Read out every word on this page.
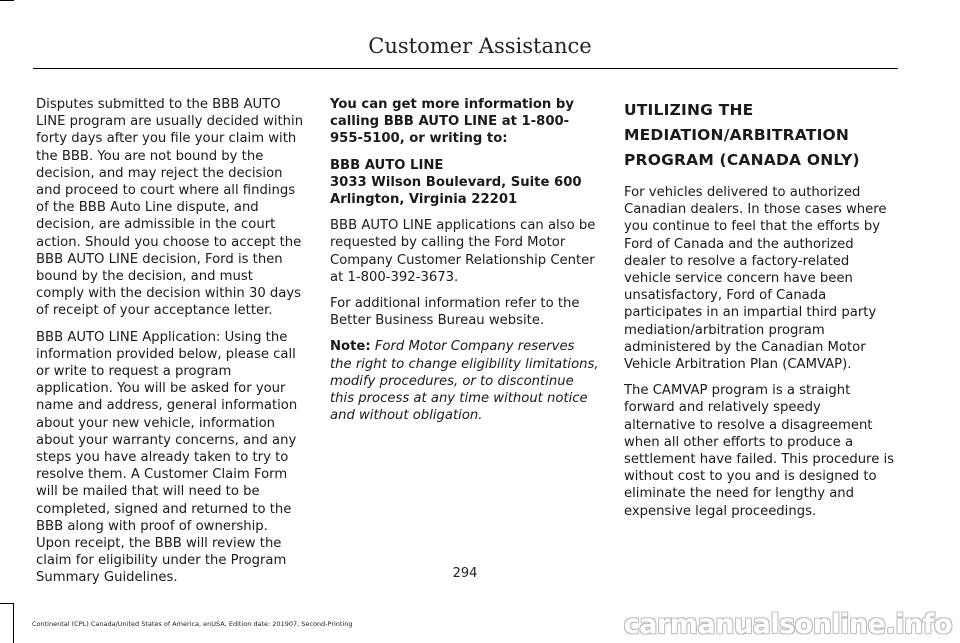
Customer Assistance

Disputes submitted to the BBB AUTO LINE program are usually decided within forty days after you file your claim with the BBB. You are not bound by the decision, and may reject the decision and proceed to court where all findings of the BBB Auto Line dispute, and decision, are admissible in the court action. Should you choose to accept the BBB AUTO LINE decision, Ford is then bound by the decision, and must comply with the decision within 30 days of receipt of your acceptance letter.

BBB AUTO LINE Application: Using the information provided below, please call or write to request a program application. You will be asked for your name and address, general information about your new vehicle, information about your warranty concerns, and any steps you have already taken to try to resolve them. A Customer Claim Form will be mailed that will need to be completed, signed and returned to the BBB along with proof of ownership. Upon receipt, the BBB will review the claim for eligibility under the Program Summary Guidelines.

You can get more information by calling BBB AUTO LINE at 1-800-955-5100, or writing to:

BBB AUTO LINE
3033 Wilson Boulevard, Suite 600
Arlington, Virginia 22201

BBB AUTO LINE applications can also be requested by calling the Ford Motor Company Customer Relationship Center at 1-800-392-3673.

For additional information refer to the Better Business Bureau website.

Note: Ford Motor Company reserves the right to change eligibility limitations, modify procedures, or to discontinue this process at any time without notice and without obligation.

UTILIZING THE MEDIATION/ARBITRATION PROGRAM (CANADA ONLY)

For vehicles delivered to authorized Canadian dealers. In those cases where you continue to feel that the efforts by Ford of Canada and the authorized dealer to resolve a factory-related vehicle service concern have been unsatisfactory, Ford of Canada participates in an impartial third party mediation/arbitration program administered by the Canadian Motor Vehicle Arbitration Plan (CAMVAP).

The CAMVAP program is a straight forward and relatively speedy alternative to resolve a disagreement when all other efforts to produce a settlement have failed. This procedure is without cost to you and is designed to eliminate the need for lengthy and expensive legal proceedings.

294
Continental (CPL) Canada/United States of America, enUSA, Edition date: 201907, Second-Printing	carmanualsonline.info
